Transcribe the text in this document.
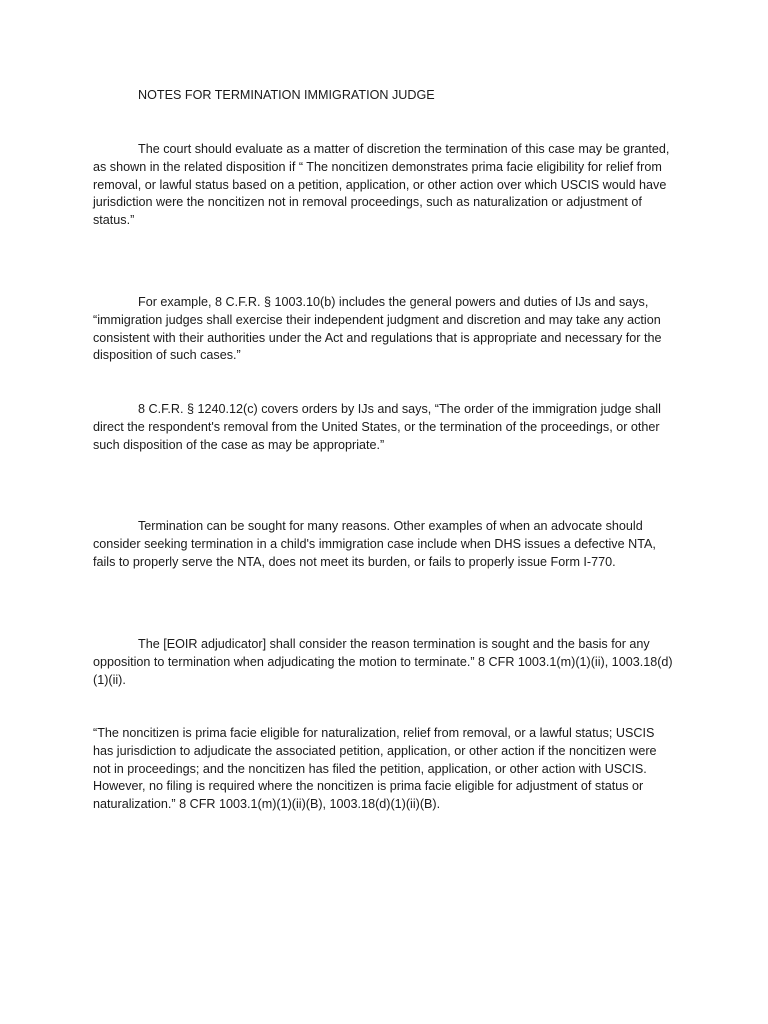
NOTES FOR TERMINATION IMMIGRATION JUDGE

The court should evaluate as a matter of discretion the termination of this case may be granted, as shown in the related disposition if “ The noncitizen demonstrates prima facie eligibility for relief from removal, or lawful status based on a petition, application, or other action over which USCIS would have jurisdiction were the noncitizen not in removal proceedings, such as naturalization or adjustment of status.”

For example, 8 C.F.R. § 1003.10(b) includes the general powers and duties of IJs and says, “immigration judges shall exercise their independent judgment and discretion and may take any action consistent with their authorities under the Act and regulations that is appropriate and necessary for the disposition of such cases.”

8 C.F.R. § 1240.12(c) covers orders by IJs and says, “The order of the immigration judge shall direct the respondent's removal from the United States, or the termination of the proceedings, or other such disposition of the case as may be appropriate.”

Termination can be sought for many reasons. Other examples of when an advocate should consider seeking termination in a child's immigration case include when DHS issues a defective NTA, fails to properly serve the NTA, does not meet its burden, or fails to properly issue Form I-770.

The [EOIR adjudicator] shall consider the reason termination is sought and the basis for any opposition to termination when adjudicating the motion to terminate.” 8 CFR 1003.1(m)(1)(ii), 1003.18(d)(1)(ii).

“The noncitizen is prima facie eligible for naturalization, relief from removal, or a lawful status; USCIS has jurisdiction to adjudicate the associated petition, application, or other action if the noncitizen were not in proceedings; and the noncitizen has filed the petition, application, or other action with USCIS. However, no filing is required where the noncitizen is prima facie eligible for adjustment of status or naturalization.” 8 CFR 1003.1(m)(1)(ii)(B), 1003.18(d)(1)(ii)(B).
